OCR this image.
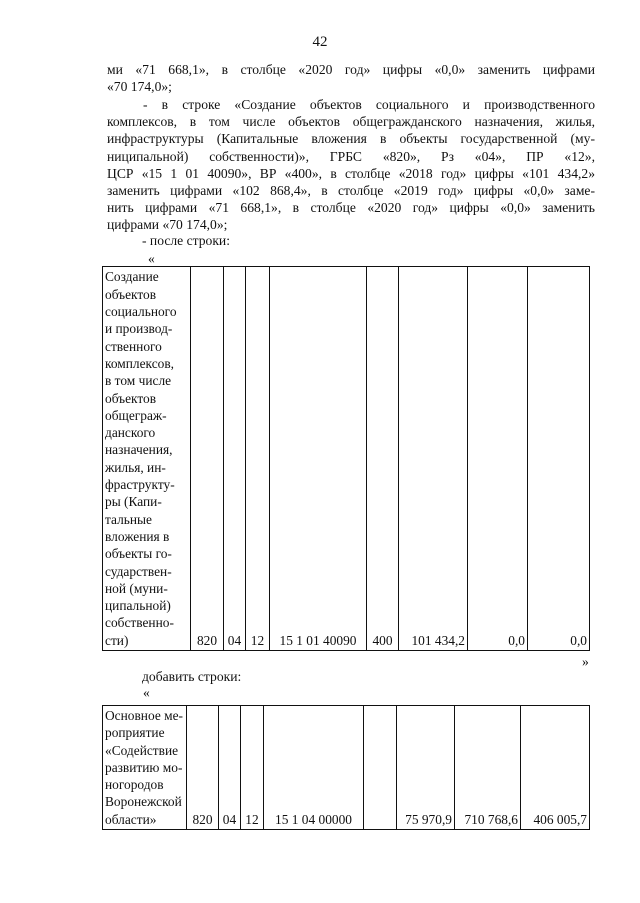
42
ми «71 668,1», в столбце «2020 год» цифры «0,0» заменить цифрами
«70 174,0»;
- в строке «Создание объектов социального и производственного
комплексов, в том числе объектов общегражданского назначения, жилья,
инфраструктуры (Капитальные вложения в объекты государственной (му-
ниципальной) собственности)», ГРБС «820», Рз «04», ПР «12»,
ЦСР «15 1 01 40090», ВР «400», в столбце «2018 год» цифры «101 434,2»
заменить цифрами «102 868,4», в столбце «2019 год» цифры «0,0» заме-
нить цифрами «71 668,1», в столбце «2020 год» цифры «0,0» заменить
цифрами «70 174,0»;
- после строки:
«
Создание
объектов
социального
и производ-
ственного
комплексов,
в том числе
объектов
общеграж-
данского
назначения,
жилья, ин-
фраструкту-
ры (Капи-
тальные
вложения в
объекты го-
сударствен-
ной (муни-
ципальной)
собственно-
сти)	820	04	12	15 1 01 40090	400	101 434,2	0,0	0,0
»
добавить строки:
«
Основное ме-
роприятие
«Содействие
развитию мо-
ногородов
Воронежской
области»	820	04	12	15 1 04 00000		75 970,9	710 768,6	406 005,7
